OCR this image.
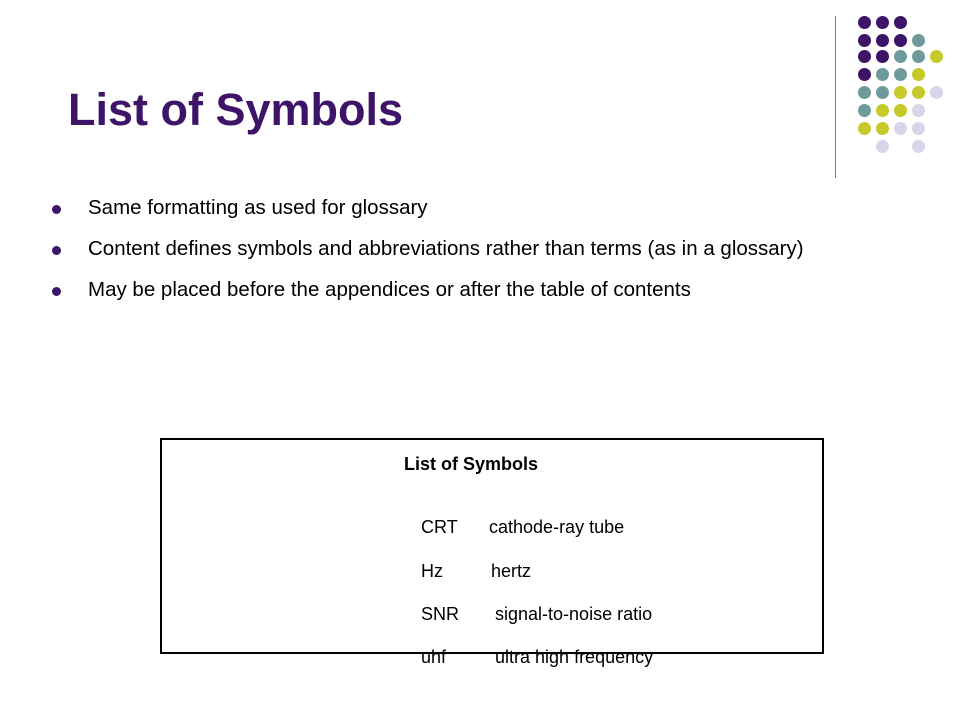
List of Symbols
Same formatting as used for glossary
Content defines symbols and abbreviations rather than terms (as in a glossary)
May be placed before the appendices or after the table of contents
List of Symbols

CRT cathode-ray tube

Hz	hertz

SNR signal-to-noise ratio

uhf	ultra high frequency
